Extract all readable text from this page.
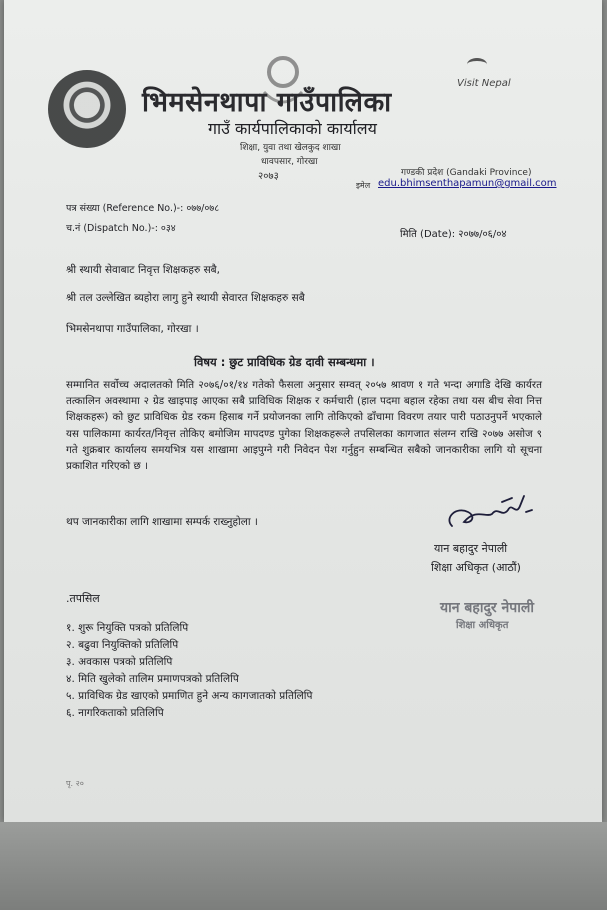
Visit Nepal
भिमसेनथापा गाउँपालिका
गाउँ कार्यपालिकाको कार्यालय
शिक्षा, युवा तथा खेलकुद शाखा
धावपसार, गोरखा
२०७३	गण्डकी प्रदेश (Gandaki Province)
इमेल edu.bhimsenthapamun@gmail.com
पत्र संख्या (Reference No.)-: ०७७/०७८
च.नं (Dispatch No.)-: ०३४
मिति (Date): २०७७/०६/०४
श्री स्थायी सेवाबाट निवृत्त शिक्षकहरु सबै,
श्री तल उल्लेखित ब्यहोरा लागु हुने स्थायी सेवारत शिक्षकहरु सबै
भिमसेनथापा गाउँपालिका, गोरखा ।
विषय : छुट प्राविधिक ग्रेड दावी सम्बन्धमा ।
सम्मानित सर्वोच्च अदालतको मिति २०७६/०१/१४ गतेको फैसला अनुसार सम्वत् २०५७ श्रावण १ गते भन्दा अगाडि देखि कार्यरत तत्कालिन अवस्थामा २ ग्रेड खाइपाइ आएका सबै प्राविधिक शिक्षक र कर्मचारी (हाल पदमा बहाल रहेका तथा यस बीच सेवा नित्त शिक्षकहरू) को छुट प्राविधिक ग्रेड रकम हिसाब गर्ने प्रयोजनका लागि तोकिएको ढाँचामा विवरण तयार पारी पठाउनुपर्ने भएकाले यस पालिकामा कार्यरत/निवृत्त तोकिए बमोजिम मापदण्ड पुगेका शिक्षकहरूले तपसिलका कागजात संलग्न राखि २०७७ असोज ९ गते शुक्रबार कार्यालय समयभित्र यस शाखामा आइपुग्ने गरी निवेदन पेश गर्नुहुन सम्बन्धित सबैको जानकारीका लागि यो सूचना प्रकाशित गरिएको छ ।
थप जानकारीका लागि शाखामा सम्पर्क राख्नुहोला ।
यान बहादुर नेपाली
शिक्षा अधिकृत (आठौं)
यान बहादुर नेपाली
शिक्षा अधिकृत
.तपसिल
१. शुरू नियुक्ति पत्रको प्रतिलिपि
२. बढुवा नियुक्तिको प्रतिलिपि
३. अवकास पत्रको प्रतिलिपि
४. मिति खुलेको तालिम प्रमाणपत्रको प्रतिलिपि
५. प्राविधिक ग्रेड खाएको प्रमाणित हुने अन्य कागजातको प्रतिलिपि
६. नागरिकताको प्रतिलिपि
पृ. २०
